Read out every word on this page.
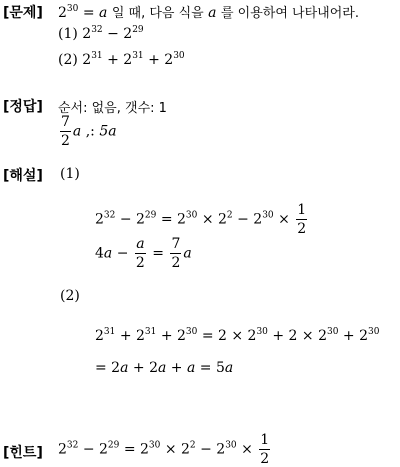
[문제] $2^{30} = a$ 일 때, 다음 식을 a 를 이용하여 나타내어라.
(1) $2^{32} - 2^{29}$
(2) $2^{31} + 2^{31} + 2^{30}$
[정답] 순서: 없음, 갯수: 1
$\frac{7}{2}$ a ,: 5a
[해설] (1)
$2^{32} - 2^{29} = 2^{30} \times 2^2 - 2^{30} \times \frac{1}{2}$
$4a - \frac{a}{2} = \frac{7}{2}$ a
(2)
$2^{31} + 2^{31} + 2^{30} = 2 \times 2^{30} + 2 \times 2^{30} + 2^{30}$
= 2a + 2a + a = 5a
[힌트] $2^{32} - 2^{29} = 2^{30} \times 2^2 - 2^{30} \times \frac{1}{2}$
